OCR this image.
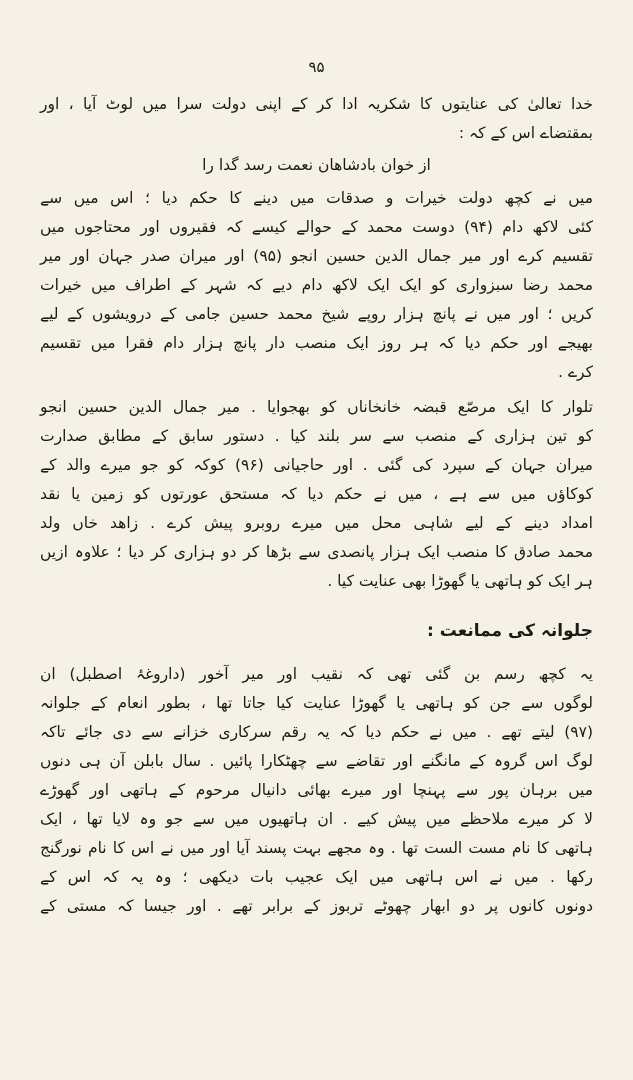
۹۵
خدا تعالیٰ کی عنایتوں کا شکریہ ادا کر کے اپنی دولت سرا میں لوٹ آیا ، اور
بمقتضاے اس کے کہ :
از خوان بادشاهان نعمت رسد گدا را
میں نے کچھ دولت خیرات و صدقات میں دینے کا حکم دیا ؛ اس میں سے
کئی لاکھ دام (۹۴) دوست محمد کے حوالے کیسے کہ فقیروں اور محتاجوں میں
تقسیم کرے اور میر جمال الدین حسین انجو (۹۵) اور میران صدر جہان اور میر
محمد رضا سبزواری کو ایک ایک لاکھ دام دیے کہ شہر کے اطراف میں خیرات
کریں ؛ اور میں نے پانچ ہزار روپے شیخ محمد حسین جامی کے درویشوں کے لیے
بھیجے اور حکم دیا کہ ہر روز ایک منصب دار پانچ ہزار دام فقرا میں تقسیم
کرے .
تلوار کا ایک مرصّع قبضہ خانخاناں کو بھجوایا . میر جمال الدین حسین انجو
کو تین ہزاری کے منصب سے سر بلند کیا . دستور سابق کے مطابق صدارت
میران جہان کے سپرد کی گئی . اور حاجیانی (۹۶) کوکہ کو جو میرے والد کے
کوکاؤں میں سے ہے ، میں نے حکم دیا کہ مستحق عورتوں کو زمین یا نقد
امداد دینے کے لیے شاہی محل میں میرے روبرو پیش کرے . زاهد خاں ولد
محمد صادق کا منصب ایک ہزار پانصدی سے بڑھا کر دو ہزاری کر دیا ؛ علاوہ ازیں
ہر ایک کو ہاتھی یا گھوڑا بھی عنایت کیا .
جلوانہ کی ممانعت :
یہ کچھ رسم بن گئی تھی کہ نقیب اور میر آخور (داروغۂ اصطبل) ان
لوگوں سے جن کو ہاتھی یا گھوڑا عنایت کیا جاتا تھا ، بطور انعام کے جلوانہ
(۹۷) لیتے تھے . میں نے حکم دیا کہ یہ رقم سرکاری خزانے سے دی جائے تاکہ
لوگ اس گروہ کے مانگنے اور تقاضے سے چھٹکارا پائیں . سال بابلن آن ہی دنوں
میں برہان پور سے پہنچا اور میرے بھائی دانیال مرحوم کے ہاتھی اور گھوڑے
لا کر میرے ملاحظے میں پیش کیے . ان ہاتھیوں میں سے جو وہ لایا تھا ، ایک
ہاتھی کا نام مست الست تھا . وہ مجھے بہت پسند آیا اور میں نے اس کا نام نورگنج
رکھا . میں نے اس ہاتھی میں ایک عجیب بات دیکھی ؛ وہ یہ کہ اس کے
دونوں کانوں پر دو ابھار چھوٹے تربوز کے برابر تھے . اور جیسا کہ مستی کے
